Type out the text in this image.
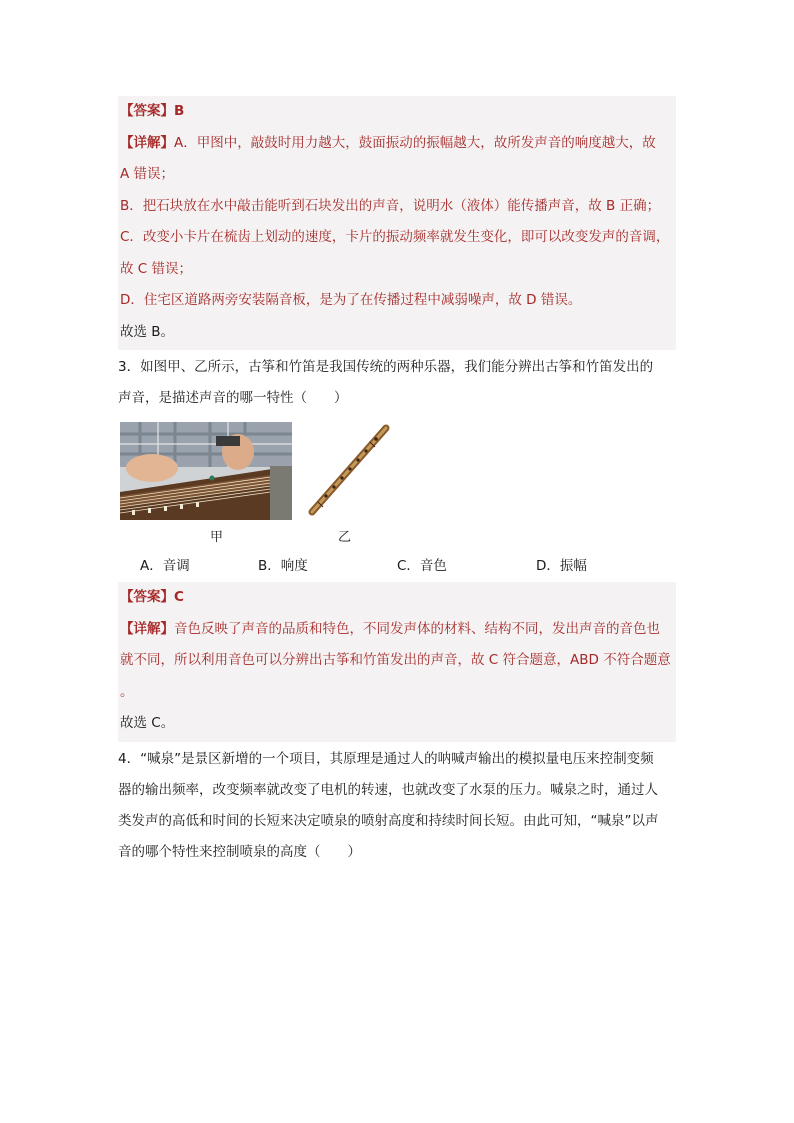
【答案】B
【详解】A．甲图中，敲鼓时用力越大，鼓面振动的振幅越大，故所发声音的响度越大，故
A 错误；
B．把石块放在水中敲击能听到石块发出的声音，说明水（液体）能传播声音，故 B 正确；
C．改变小卡片在梳齿上划动的速度，卡片的振动频率就发生变化，即可以改变发声的音调，
故 C 错误；
D．住宅区道路两旁安装隔音板，是为了在传播过程中减弱噪声，故 D 错误。
故选 B。
3．如图甲、乙所示，古筝和竹笛是我国传统的两种乐器，我们能分辨出古筝和竹笛发出的
声音，是描述声音的哪一特性（　　）
甲	乙
A．音调	B．响度	C．音色	D．振幅
【答案】C
【详解】音色反映了声音的品质和特色，不同发声体的材料、结构不同，发出声音的音色也
就不同，所以利用音色可以分辨出古筝和竹笛发出的声音，故 C 符合题意，ABD 不符合题意
。
故选 C。
4．“喊泉”是景区新增的一个项目，其原理是通过人的呐喊声输出的模拟量电压来控制变频
器的输出频率，改变频率就改变了电机的转速，也就改变了水泵的压力。喊泉之时，通过人
类发声的高低和时间的长短来决定喷泉的喷射高度和持续时间长短。由此可知，“喊泉”以声
音的哪个特性来控制喷泉的高度（　　）
